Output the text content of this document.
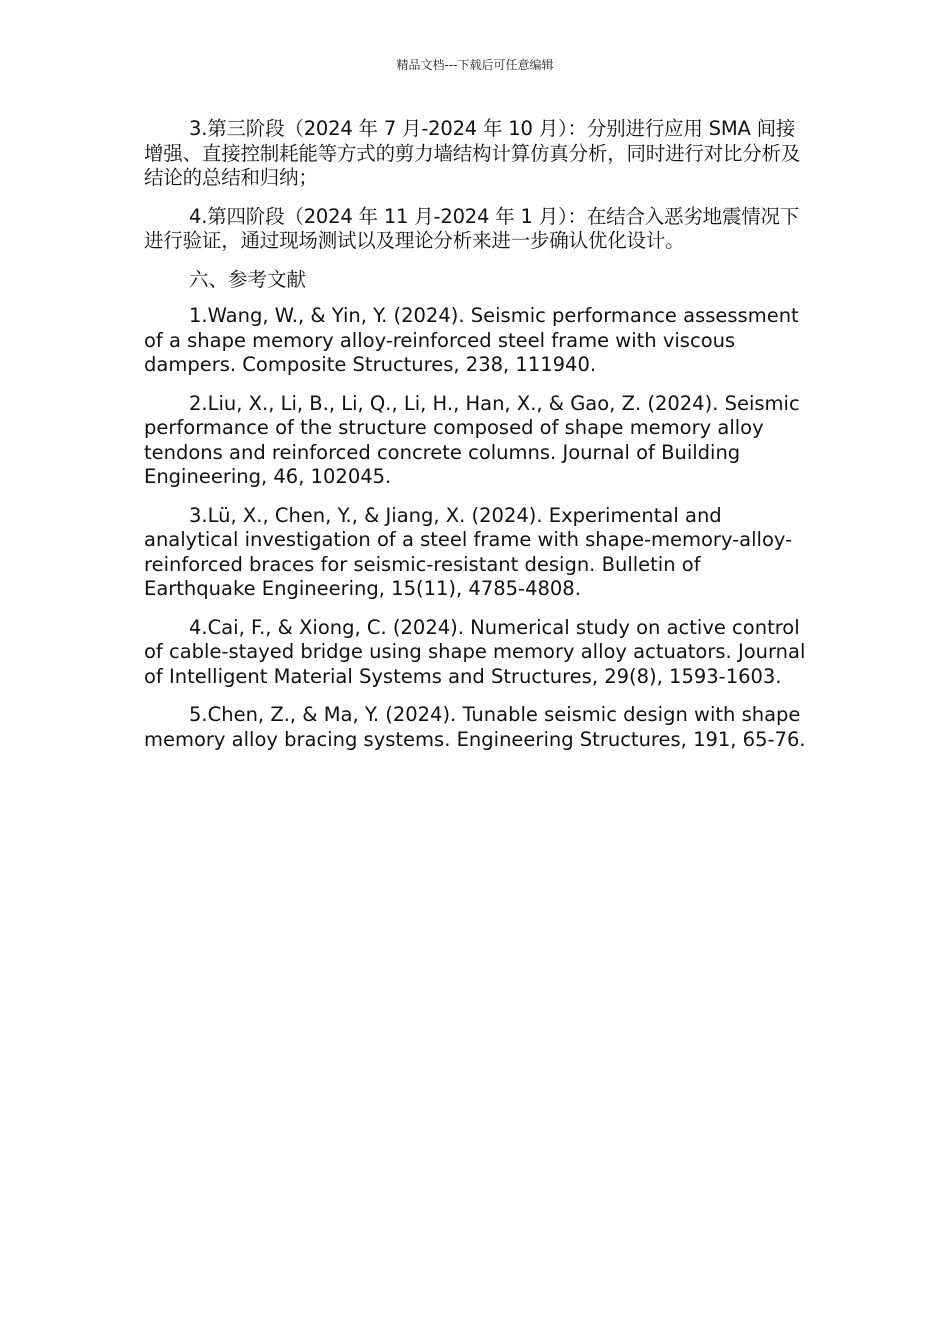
精品文档---下载后可任意编辑

3.第三阶段（2024 年 7 月-2024 年 10 月）：分别进行应用 SMA 间接增强、直接控制耗能等方式的剪力墙结构计算仿真分析，同时进行对比分析及结论的总结和归纳；

4.第四阶段（2024 年 11 月-2024 年 1 月）：在结合入恶劣地震情况下进行验证，通过现场测试以及理论分析来进一步确认优化设计。

六、参考文献

1.Wang, W., & Yin, Y. (2024). Seismic performance assessment of a shape memory alloy-reinforced steel frame with viscous dampers. Composite Structures, 238, 111940.

2.Liu, X., Li, B., Li, Q., Li, H., Han, X., & Gao, Z. (2024). Seismic performance of the structure composed of shape memory alloy tendons and reinforced concrete columns. Journal of Building Engineering, 46, 102045.

3.Lü, X., Chen, Y., & Jiang, X. (2024). Experimental and analytical investigation of a steel frame with shape-memory-alloy-reinforced braces for seismic-resistant design. Bulletin of Earthquake Engineering, 15(11), 4785-4808.

4.Cai, F., & Xiong, C. (2024). Numerical study on active control of cable-stayed bridge using shape memory alloy actuators. Journal of Intelligent Material Systems and Structures, 29(8), 1593-1603.

5.Chen, Z., & Ma, Y. (2024). Tunable seismic design with shape memory alloy bracing systems. Engineering Structures, 191, 65-76.
